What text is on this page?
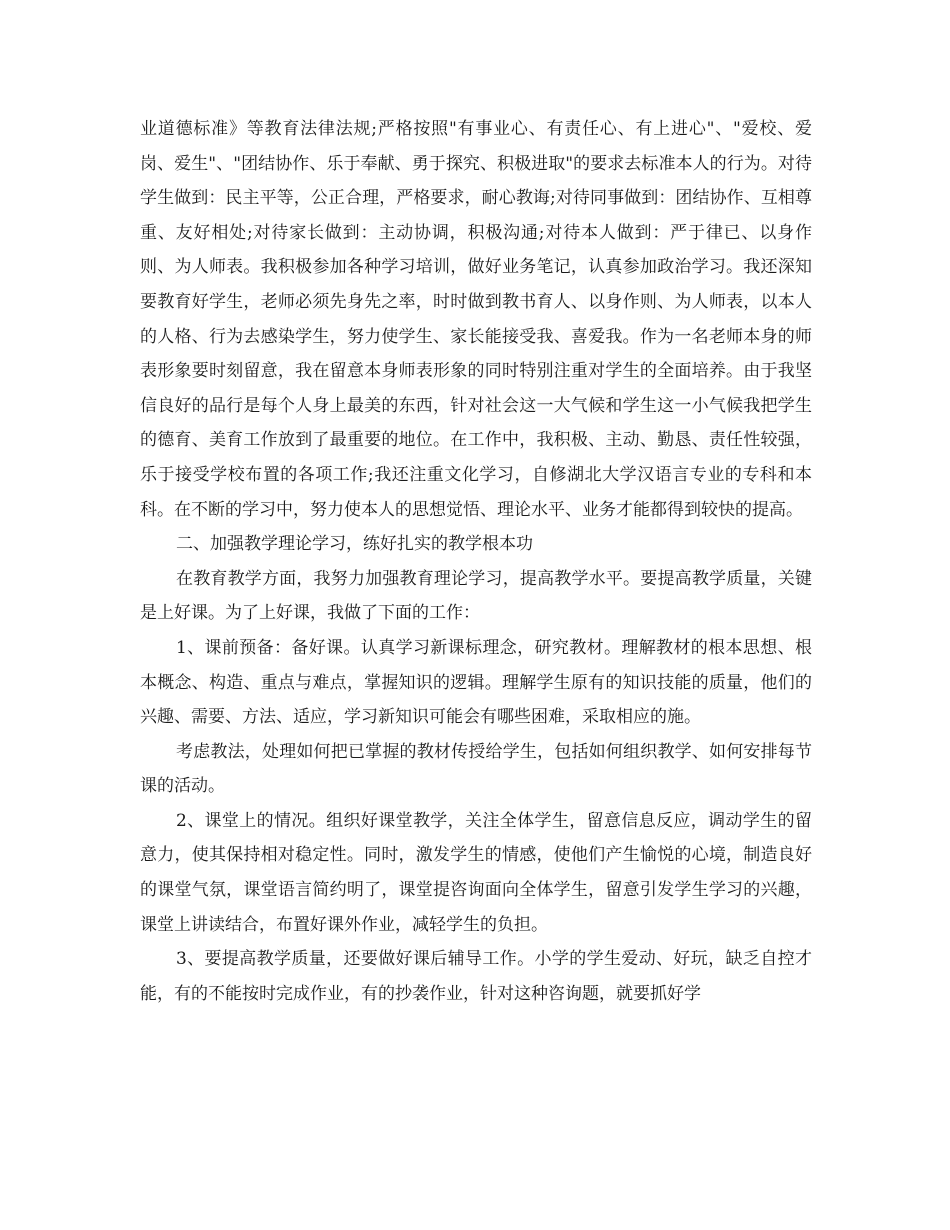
业道德标准》等教育法律法规;严格按照"有事业心、有责任心、有上进心"、"爱校、爱岗、爱生"、"团结协作、乐于奉献、勇于探究、积极进取"的要求去标准本人的行为。对待学生做到：民主平等，公正合理，严格要求，耐心教诲;对待同事做到：团结协作、互相尊重、友好相处;对待家长做到：主动协调，积极沟通;对待本人做到：严于律已、以身作则、为人师表。我积极参加各种学习培训，做好业务笔记，认真参加政治学习。我还深知要教育好学生，老师必须先身先之率，时时做到教书育人、以身作则、为人师表，以本人的人格、行为去感染学生，努力使学生、家长能接受我、喜爱我。作为一名老师本身的师表形象要时刻留意，我在留意本身师表形象的同时特别注重对学生的全面培养。由于我坚信良好的品行是每个人身上最美的东西，针对社会这一大气候和学生这一小气候我把学生的德育、美育工作放到了最重要的地位。在工作中，我积极、主动、勤恳、责任性较强，乐于接受学校布置的各项工作;我还注重文化学习，自修湖北大学汉语言专业的专科和本科。在不断的学习中，努力使本人的思想觉悟、理论水平、业务才能都得到较快的提高。

二、加强教学理论学习，练好扎实的教学根本功

在教育教学方面，我努力加强教育理论学习，提高教学水平。要提高教学质量，关键是上好课。为了上好课，我做了下面的工作：

1、课前预备：备好课。认真学习新课标理念，研究教材。理解教材的根本思想、根本概念、构造、重点与难点，掌握知识的逻辑。理解学生原有的知识技能的质量，他们的兴趣、需要、方法、适应，学习新知识可能会有哪些困难，采取相应的施。

考虑教法，处理如何把已掌握的教材传授给学生，包括如何组织教学、如何安排每节课的活动。

2、课堂上的情况。组织好课堂教学，关注全体学生，留意信息反应，调动学生的留意力，使其保持相对稳定性。同时，激发学生的情感，使他们产生愉悦的心境，制造良好的课堂气氛，课堂语言简约明了，课堂提咨询面向全体学生，留意引发学生学习的兴趣，课堂上讲读结合，布置好课外作业，减轻学生的负担。

3、要提高教学质量，还要做好课后辅导工作。小学的学生爱动、好玩，缺乏自控才能，有的不能按时完成作业，有的抄袭作业，针对这种咨询题，就要抓好学
